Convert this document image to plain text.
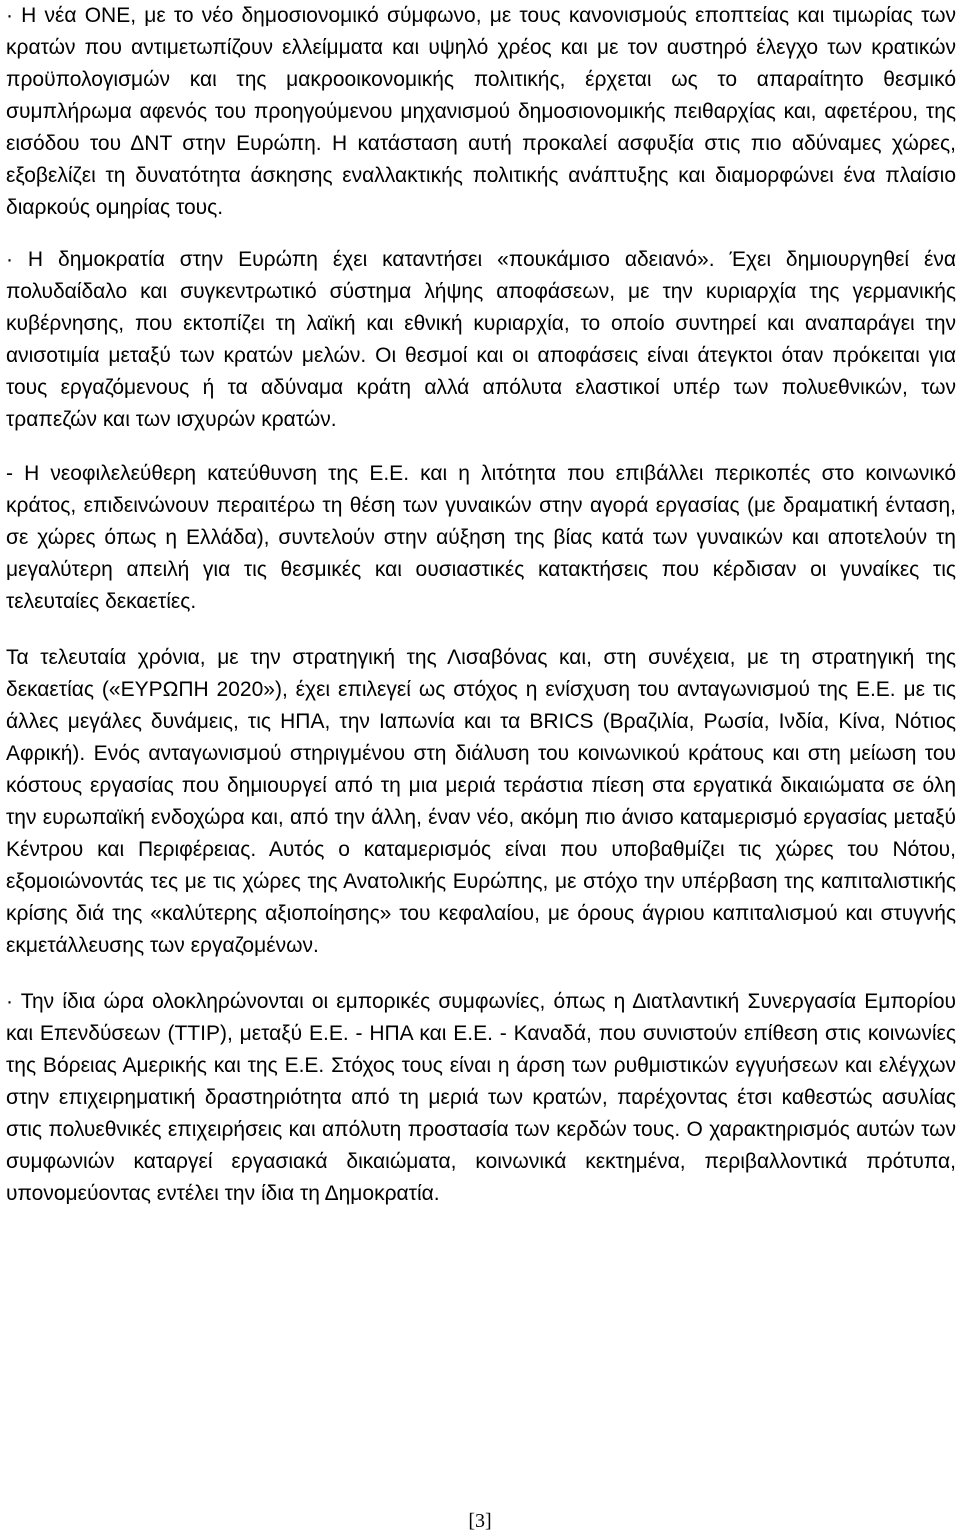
· Η νέα ΟΝΕ, με το νέο δημοσιονομικό σύμφωνο, με τους κανονισμούς εποπτείας και τιμωρίας των κρατών που αντιμετωπίζουν ελλείμματα και υψηλό χρέος και με τον αυστηρό έλεγχο των κρατικών προϋπολογισμών και της μακροοικονομικής πολιτικής, έρχεται ως το απαραίτητο θεσμικό συμπλήρωμα αφενός του προηγούμενου μηχανισμού δημοσιονομικής πειθαρχίας και, αφετέρου, της εισόδου του ΔΝΤ στην Ευρώπη. Η κατάσταση αυτή προκαλεί ασφυξία στις πιο αδύναμες χώρες, εξοβελίζει τη δυνατότητα άσκησης εναλλακτικής πολιτικής ανάπτυξης και διαμορφώνει ένα πλαίσιο διαρκούς ομηρίας τους.

· Η δημοκρατία στην Ευρώπη έχει καταντήσει «πουκάμισο αδειανό». Έχει δημιουργηθεί ένα πολυδαίδαλο και συγκεντρωτικό σύστημα λήψης αποφάσεων, με την κυριαρχία της γερμανικής κυβέρνησης, που εκτοπίζει τη λαϊκή και εθνική κυριαρχία, το οποίο συντηρεί και αναπαράγει την ανισοτιμία μεταξύ των κρατών μελών. Οι θεσμοί και οι αποφάσεις είναι άτεγκτοι όταν πρόκειται για τους εργαζόμενους ή τα αδύναμα κράτη αλλά απόλυτα ελαστικοί υπέρ των πολυεθνικών, των τραπεζών και των ισχυρών κρατών.

- Η νεοφιλελεύθερη κατεύθυνση της Ε.Ε. και η λιτότητα που επιβάλλει περικοπές στο κοινωνικό κράτος, επιδεινώνουν περαιτέρω τη θέση των γυναικών στην αγορά εργασίας (με δραματική ένταση, σε χώρες όπως η Ελλάδα), συντελούν στην αύξηση της βίας κατά των γυναικών και αποτελούν τη μεγαλύτερη απειλή για τις θεσμικές και ουσιαστικές κατακτήσεις που κέρδισαν οι γυναίκες τις τελευταίες δεκαετίες.

Τα τελευταία χρόνια, με την στρατηγική της Λισαβόνας και, στη συνέχεια, με τη στρατηγική της δεκαετίας («ΕΥΡΩΠΗ 2020»), έχει επιλεγεί ως στόχος η ενίσχυση του ανταγωνισμού της Ε.Ε. με τις άλλες μεγάλες δυνάμεις, τις ΗΠΑ, την Ιαπωνία και τα BRICS (Βραζιλία, Ρωσία, Ινδία, Κίνα, Νότιος Αφρική). Ενός ανταγωνισμού στηριγμένου στη διάλυση του κοινωνικού κράτους και στη μείωση του κόστους εργασίας που δημιουργεί από τη μια μεριά τεράστια πίεση στα εργατικά δικαιώματα σε όλη την ευρωπαϊκή ενδοχώρα και, από την άλλη, έναν νέο, ακόμη πιο άνισο καταμερισμό εργασίας μεταξύ Κέντρου και Περιφέρειας. Αυτός ο καταμερισμός είναι που υποβαθμίζει τις χώρες του Νότου, εξομοιώνοντάς τες με τις χώρες της Ανατολικής Ευρώπης, με στόχο την υπέρβαση της καπιταλιστικής κρίσης διά της «καλύτερης αξιοποίησης» του κεφαλαίου, με όρους άγριου καπιταλισμού και στυγνής εκμετάλλευσης των εργαζομένων.

· Την ίδια ώρα ολοκληρώνονται οι εμπορικές συμφωνίες, όπως η Διατλαντική Συνεργασία Εμπορίου και Επενδύσεων (ΤΤΙΡ), μεταξύ Ε.Ε. - ΗΠΑ και Ε.Ε. - Καναδά, που συνιστούν επίθεση στις κοινωνίες της Βόρειας Αμερικής και της Ε.Ε. Στόχος τους είναι η άρση των ρυθμιστικών εγγυήσεων και ελέγχων στην επιχειρηματική δραστηριότητα από τη μεριά των κρατών, παρέχοντας έτσι καθεστώς ασυλίας στις πολυεθνικές επιχειρήσεις και απόλυτη προστασία των κερδών τους. Ο χαρακτηρισμός αυτών των συμφωνιών καταργεί εργασιακά δικαιώματα, κοινωνικά κεκτημένα, περιβαλλοντικά πρότυπα, υπονομεύοντας εντέλει την ίδια τη Δημοκρατία.

[3]
